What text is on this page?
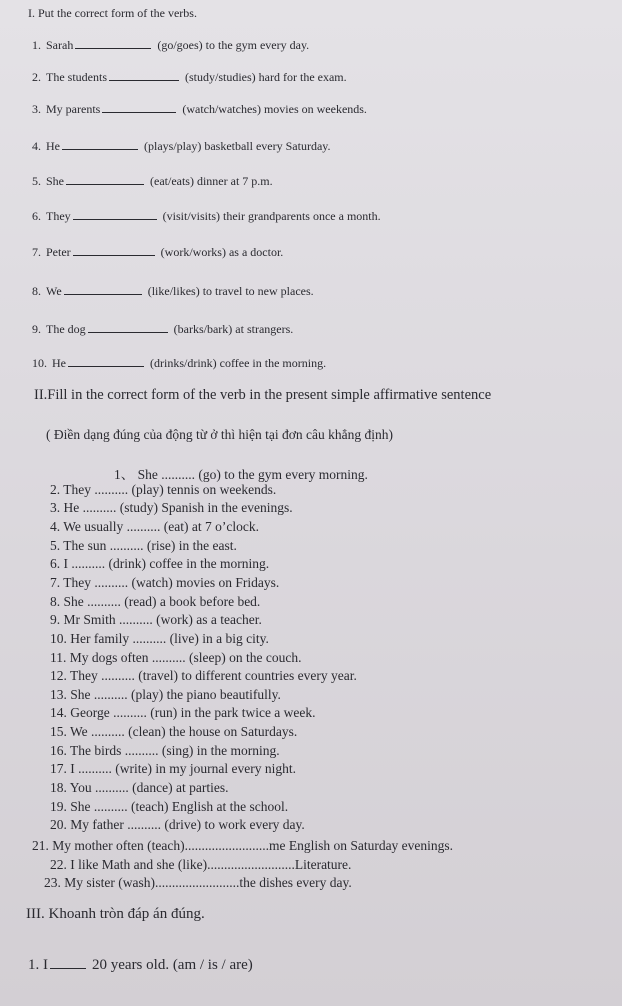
I. Put the correct form of the verbs.
1. Sarah	(go/goes) to the gym every day.
2. The students	(study/studies) hard for the exam.
3. My parents	(watch/watches) movies on weekends.
4. He	(plays/play) basketball every Saturday.
5. She	(eat/eats) dinner at 7 p.m.
6. They	(visit/visits) their grandparents once a month.
7. Peter	(work/works) as a doctor.
8. We	(like/likes) to travel to new places.
9. The dog	(barks/bark) at strangers.
10. He	(drinks/drink) coffee in the morning.
II.Fill in the correct form of the verb in the present simple affirmative sentence
( Điền dạng đúng của động từ ở thì hiện tại đơn câu khẳng định)
1、 She .......... (go) to the gym every morning.
2. They .......... (play) tennis on weekends.
3. He .......... (study) Spanish in the evenings.
4. We usually .......... (eat) at 7 o’clock.
5. The sun .......... (rise) in the east.
6. I .......... (drink) coffee in the morning.
7. They .......... (watch) movies on Fridays.
8. She .......... (read) a book before bed.
9. Mr Smith .......... (work) as a teacher.
10. Her family .......... (live) in a big city.
11. My dogs often .......... (sleep) on the couch.
12. They .......... (travel) to different countries every year.
13. She .......... (play) the piano beautifully.
14. George .......... (run) in the park twice a week.
15. We .......... (clean) the house on Saturdays.
16. The birds .......... (sing) in the morning.
17. I .......... (write) in my journal every night.
18. You .......... (dance) at parties.
19. She .......... (teach) English at the school.
20. My father .......... (drive) to work every day.
21. My mother often (teach).........................me English on Saturday evenings.
22. I like Math and she (like)..........................Literature.
23. My sister (wash).........................the dishes every day.
III. Khoanh tròn đáp án đúng.
1. I	20 years old. (am / is / are)
